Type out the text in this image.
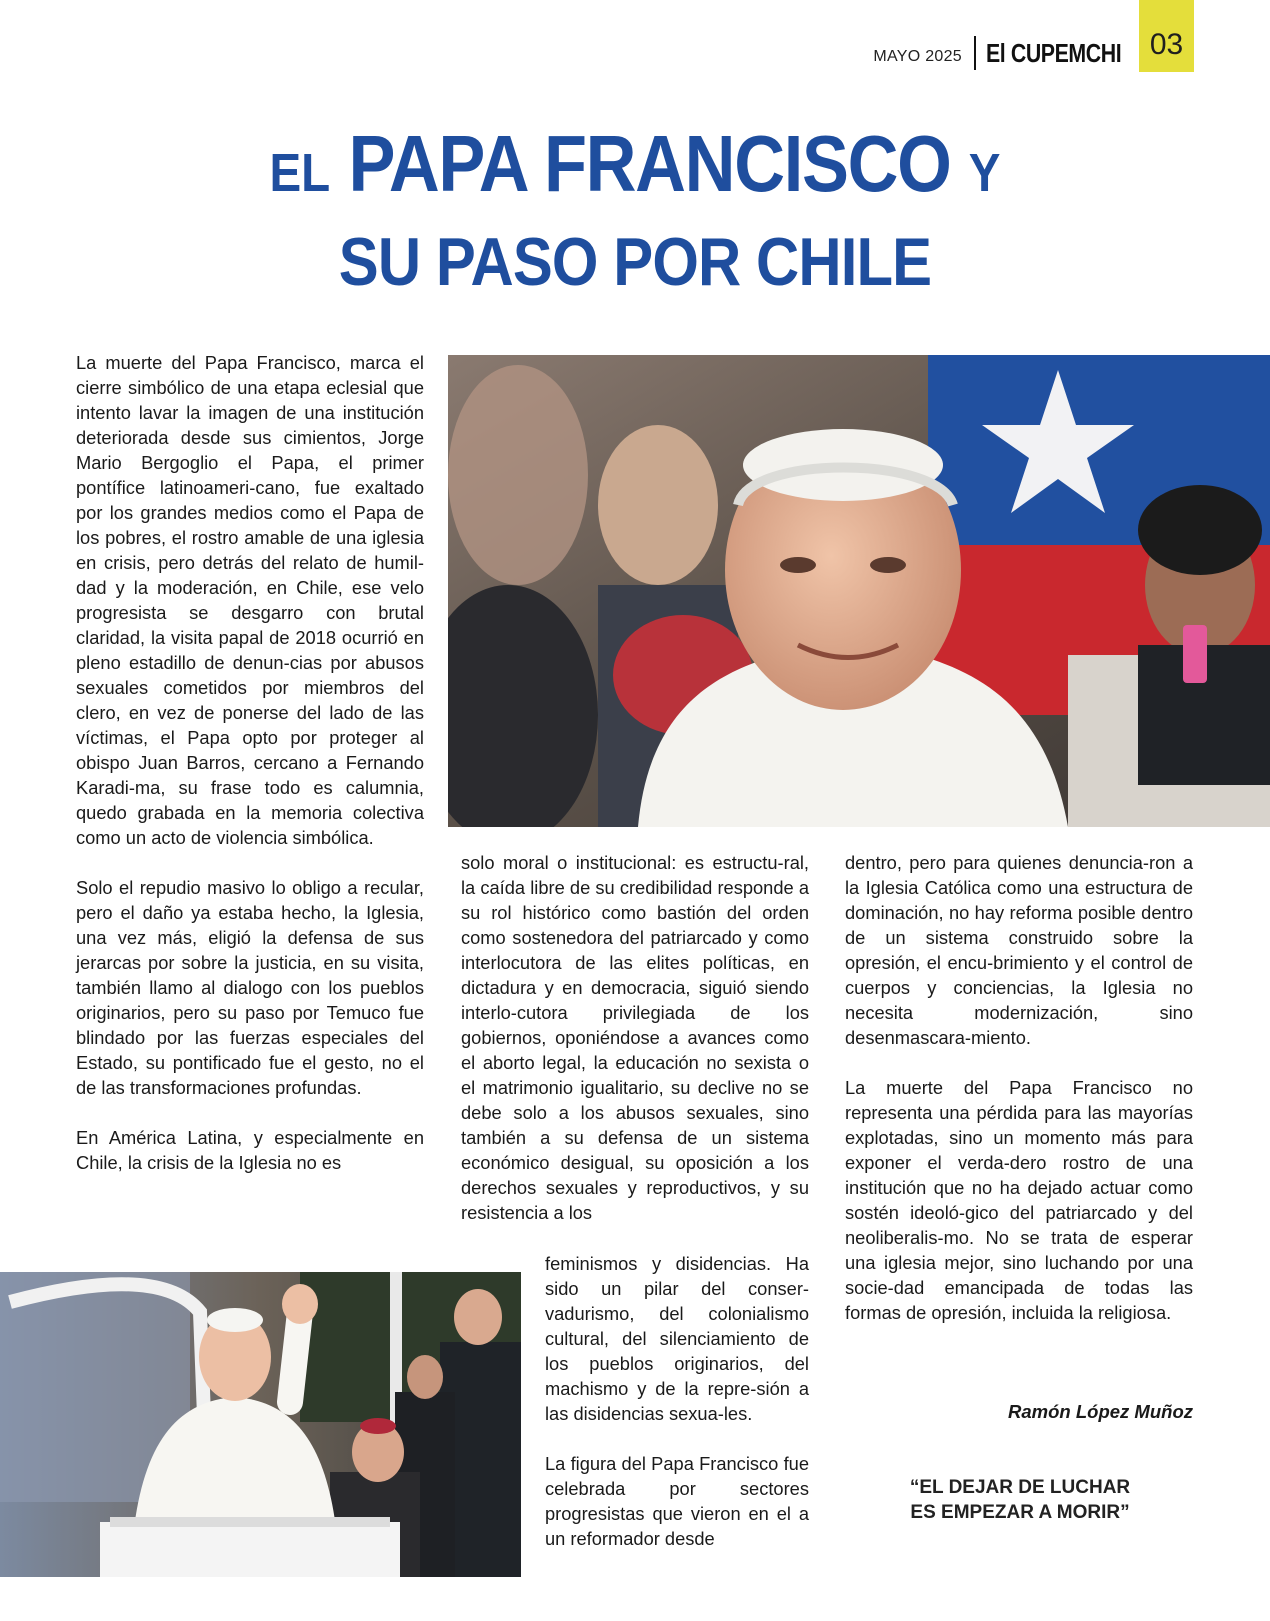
MAYO 2025 El CUPEMCHI 03
EL PAPA FRANCISCO Y
SU PASO POR CHILE

La muerte del Papa Francisco, marca el cierre simbólico de una etapa eclesial que intento lavar la imagen de una institución deteriorada desde sus cimientos, Jorge Mario Bergoglio el Papa, el primer pontífice latinoameri-cano, fue exaltado por los grandes medios como el Papa de los pobres, el rostro amable de una iglesia en crisis, pero detrás del relato de humil-dad y la moderación, en Chile, ese velo progresista se desgarro con brutal claridad, la visita papal de 2018 ocurrió en pleno estadillo de denun-cias por abusos sexuales cometidos por miembros del clero, en vez de ponerse del lado de las víctimas, el Papa opto por proteger al obispo Juan Barros, cercano a Fernando Karadi-ma, su frase todo es calumnia, quedo grabada en la memoria colectiva como un acto de violencia simbólica.

Solo el repudio masivo lo obligo a recular, pero el daño ya estaba hecho, la Iglesia, una vez más, eligió la defensa de sus jerarcas por sobre la justicia, en su visita, también llamo al dialogo con los pueblos originarios, pero su paso por Temuco fue blindado por las fuerzas especiales del Estado, su pontificado fue el gesto, no el de las transformaciones profundas.

En América Latina, y especialmente en Chile, la crisis de la Iglesia no es

solo moral o institucional: es estructu-ral, la caída libre de su credibilidad responde a su rol histórico como bastión del orden como sostenedora del patriarcado y como interlocutora de las elites políticas, en dictadura y en democracia, siguió siendo interlo-cutora privilegiada de los gobiernos, oponiéndose a avances como el aborto legal, la educación no sexista o el matrimonio igualitario, su declive no se debe solo a los abusos sexuales, sino también a su defensa de un sistema económico desigual, su oposición a los derechos sexuales y reproductivos, y su resistencia a los

feminismos y disidencias. Ha sido un pilar del conser-vadurismo, del colonialismo cultural, del silenciamiento de los pueblos originarios, del machismo y de la repre-sión a las disidencias sexua-les.

La figura del Papa Francisco fue celebrada por sectores progresistas que vieron en el a un reformador desde

dentro, pero para quienes denuncia-ron a la Iglesia Católica como una estructura de dominación, no hay reforma posible dentro de un sistema construido sobre la opresión, el encu-brimiento y el control de cuerpos y conciencias, la Iglesia no necesita modernización, sino desenmascara-miento.

La muerte del Papa Francisco no representa una pérdida para las mayorías explotadas, sino un momento más para exponer el verda-dero rostro de una institución que no ha dejado actuar como sostén ideoló-gico del patriarcado y del neoliberalis-mo. No se trata de esperar una iglesia mejor, sino luchando por una socie-dad emancipada de todas las formas de opresión, incluida la religiosa.

Ramón López Muñoz
“EL DEJAR DE LUCHAR
ES EMPEZAR A MORIR”
